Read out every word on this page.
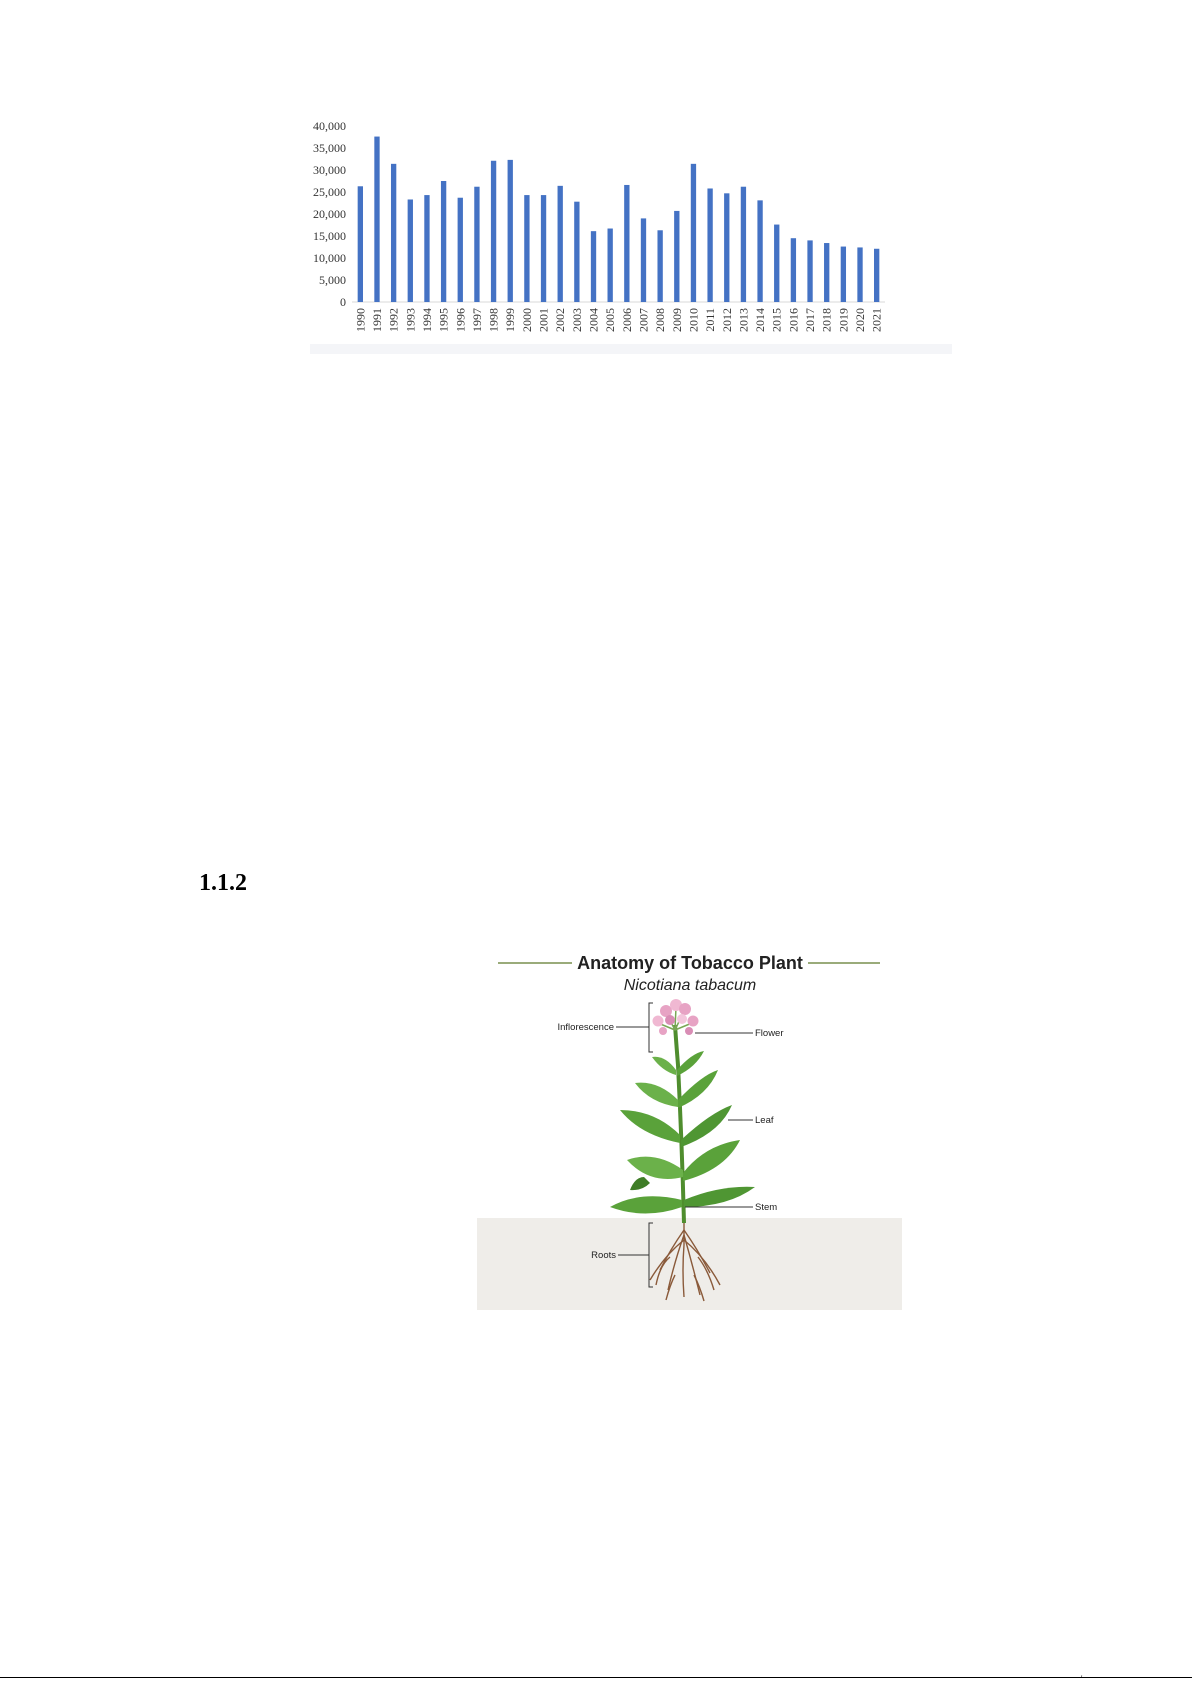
40,000
35,000
30,000
25,000
20,000
15,000
10,000
5,000
0
1990 1991 1992 1993 1994 1995 1996 1997 1998 1999 2000 2001 2002 2003 2004 2005 2006 2007 2008 2009 2010 2011 2012 2013 2014 2015 2016 2017 2018 2019 2020 2021
1.1.2
Anatomy of Tobacco Plant
Nicotiana tabacum
Inflorescence
Flower
Leaf
Stem
Roots
'
